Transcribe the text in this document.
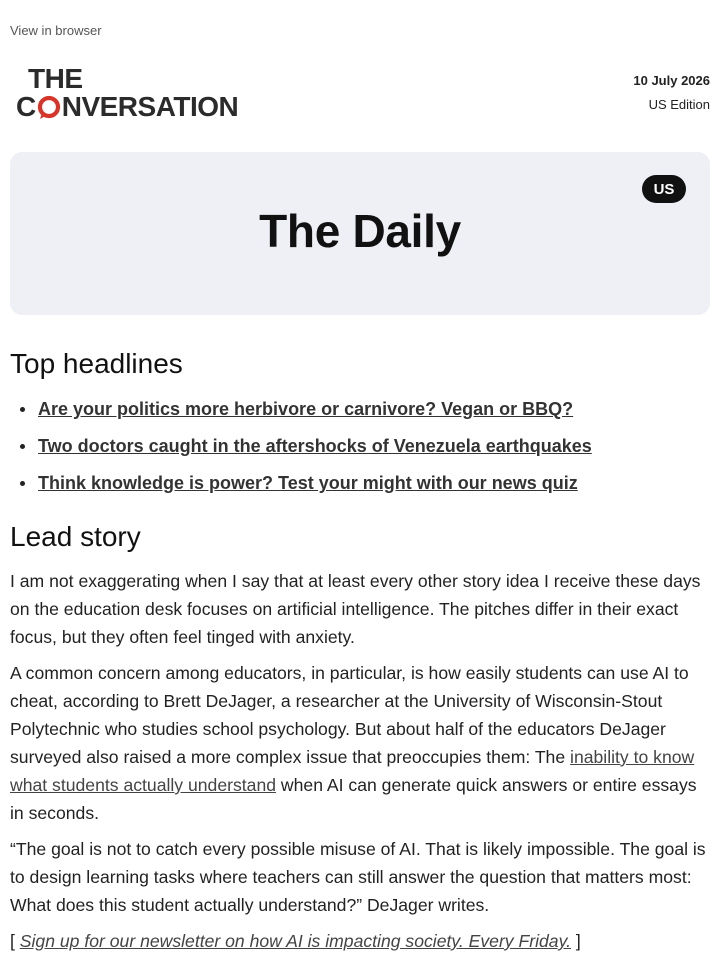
View in browser
THE
C NVERSATION
10 July 2026
US Edition
US
The Daily
Top headlines
Are your politics more herbivore or carnivore? Vegan or BBQ?
Two doctors caught in the aftershocks of Venezuela earthquakes
Think knowledge is power? Test your might with our news quiz
Lead story

I am not exaggerating when I say that at least every other story idea I receive these days on the education desk focuses on artificial intelligence. The pitches differ in their exact focus, but they often feel tinged with anxiety.

A common concern among educators, in particular, is how easily students can use AI to cheat, according to Brett DeJager, a researcher at the University of Wisconsin-Stout Polytechnic who studies school psychology. But about half of the educators DeJager surveyed also raised a more complex issue that preoccupies them: The inability to know what students actually understand when AI can generate quick answers or entire essays in seconds.

“The goal is not to catch every possible misuse of AI. That is likely impossible. The goal is to design learning tasks where teachers can still answer the question that matters most: What does this student actually understand?” DeJager writes.

[ Sign up for our newsletter on how AI is impacting society. Every Friday. ]
